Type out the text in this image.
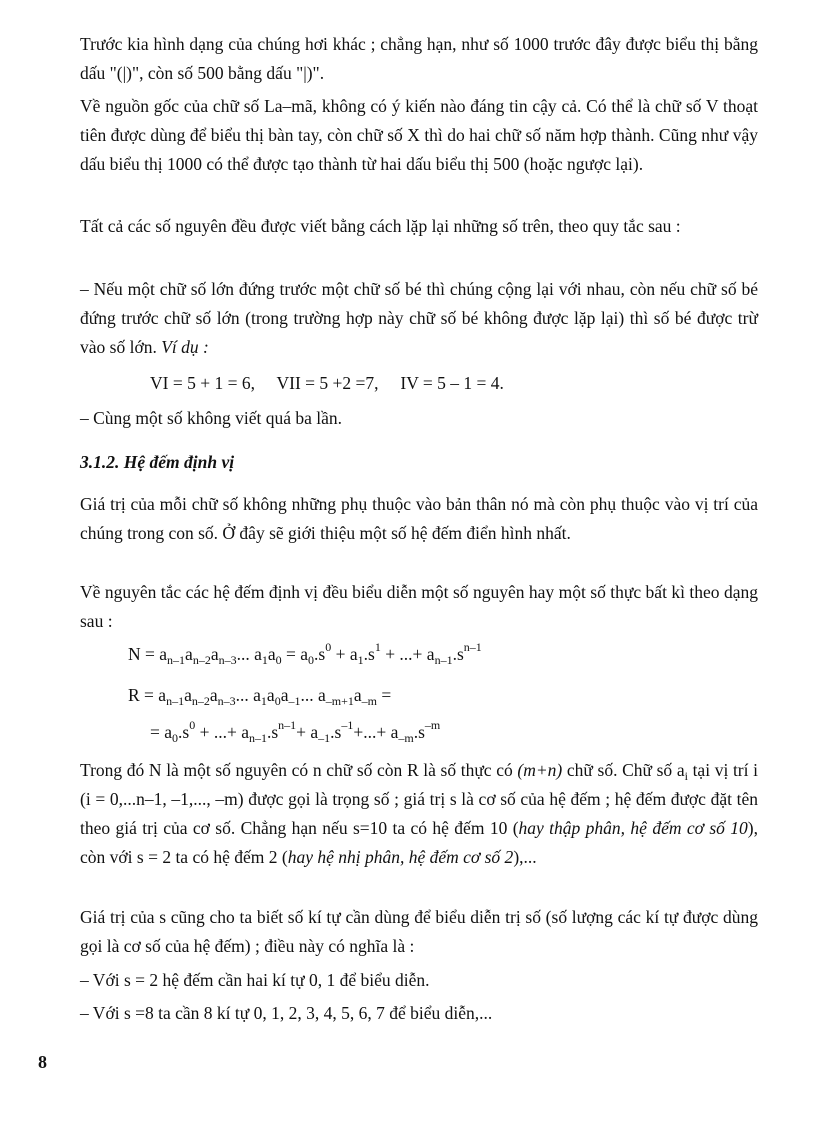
Trước kia hình dạng của chúng hơi khác ; chẳng hạn, như số 1000 trước đây được biểu thị bằng dấu "(|)", còn số 500 bằng dấu "|)".

Về nguồn gốc của chữ số La–mã, không có ý kiến nào đáng tin cậy cả. Có thể là chữ số V thoạt tiên được dùng để biểu thị bàn tay, còn chữ số X thì do hai chữ số năm hợp thành. Cũng như vậy dấu biểu thị 1000 có thể được tạo thành từ hai dấu biểu thị 500 (hoặc ngược lại).

Tất cả các số nguyên đều được viết bằng cách lặp lại những số trên, theo quy tắc sau :

– Nếu một chữ số lớn đứng trước một chữ số bé thì chúng cộng lại với nhau, còn nếu chữ số bé đứng trước chữ số lớn (trong trường hợp này chữ số bé không được lặp lại) thì số bé được trừ vào số lớn. Ví dụ :

VI = 5 + 1 = 6,     VII = 5 +2 =7,     IV = 5 – 1 = 4.

– Cùng một số không viết quá ba lần.

3.1.2. Hệ đếm định vị

Giá trị của mỗi chữ số không những phụ thuộc vào bản thân nó mà còn phụ thuộc vào vị trí của chúng trong con số. Ở đây sẽ giới thiệu một số hệ đếm điển hình nhất.

Về nguyên tắc các hệ đếm định vị đều biểu diễn một số nguyên hay một số thực bất kì theo dạng sau :

$N = a_{n-1}a_{n-2}a_{n-3}$... $a_1a_0 = a_0.s^0 + a_1.s^1$ + ...+ $a_{n-1}.s^{n-1}$
$R = a_{n-1}a_{n-2}a_{n-3}$... $a_1a_0a_{-1}$... $a_{-m+1}a_{-m}$ =
= $a_0.s^0$ + ...+ $a_{n-1}.s^{n-1}+ a_{-1}.s^{-1}+...+ a_{-m}.s^{-m}$

Trong đó N là một số nguyên có n chữ số còn R là số thực có (m+n) chữ số. Chữ số $a_i$ tại vị trí i (i = 0,...n–1, –1,..., –m) được gọi là trọng số ; giá trị s là cơ số của hệ đếm ; hệ đếm được đặt tên theo giá trị của cơ số. Chẳng hạn nếu s=10 ta có hệ đếm 10 (hay thập phân, hệ đếm cơ số 10), còn với s = 2 ta có hệ đếm 2 (hay hệ nhị phân, hệ đếm cơ số 2),...

Giá trị của s cũng cho ta biết số kí tự cần dùng để biểu diễn trị số (số lượng các kí tự được dùng gọi là cơ số của hệ đếm) ; điều này có nghĩa là :

– Với s = 2 hệ đếm cần hai kí tự 0, 1 để biểu diễn.

– Với s =8 ta cần 8 kí tự 0, 1, 2, 3, 4, 5, 6, 7 để biểu diễn,...

8
